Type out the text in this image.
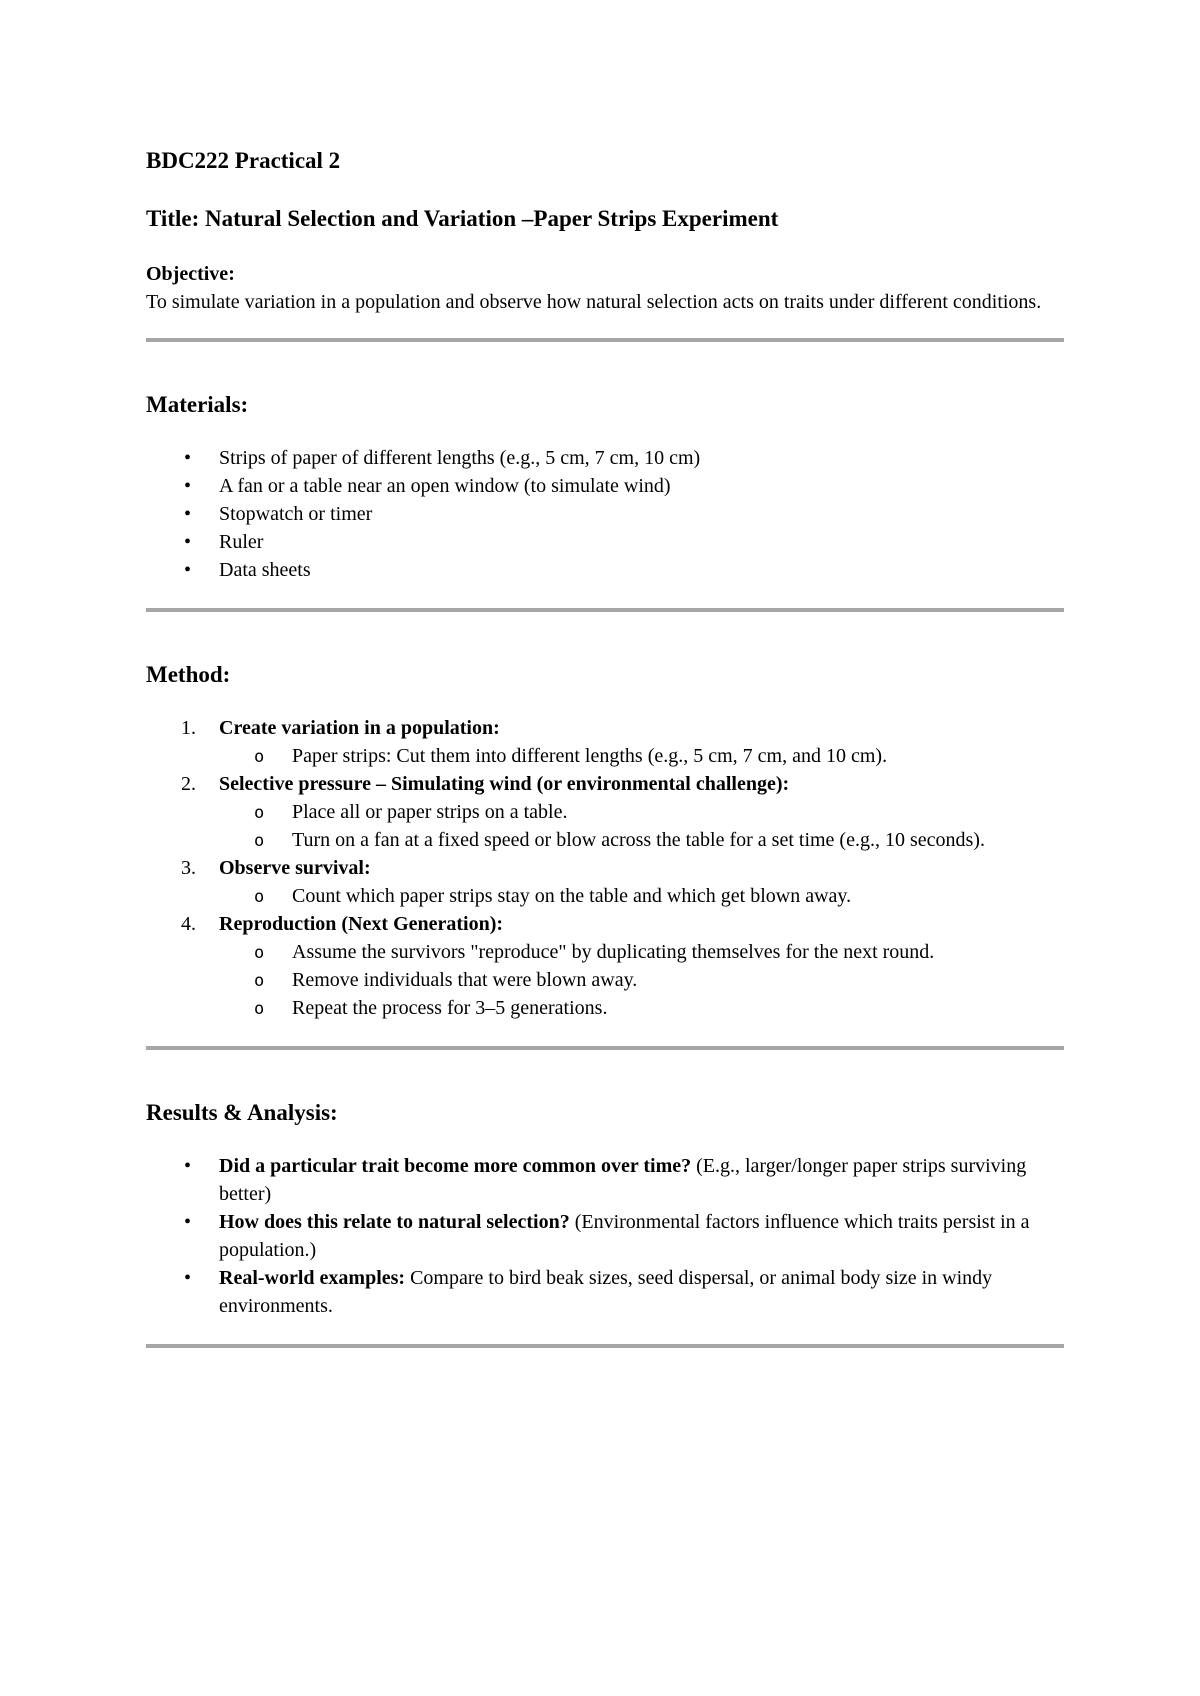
BDC222 Practical 2
Title: Natural Selection and Variation –Paper Strips Experiment
Objective:

To simulate variation in a population and observe how natural selection acts on traits under different conditions.

Materials:
• Strips of paper of different lengths (e.g., 5 cm, 7 cm, 10 cm)
• A fan or a table near an open window (to simulate wind)
• Stopwatch or timer
• Ruler
• Data sheets
Method:
1. Create variation in a population:
o Paper strips: Cut them into different lengths (e.g., 5 cm, 7 cm, and 10 cm).
2. Selective pressure – Simulating wind (or environmental challenge):
o Place all or paper strips on a table.
o Turn on a fan at a fixed speed or blow across the table for a set time (e.g., 10 seconds).
3. Observe survival:
o Count which paper strips stay on the table and which get blown away.
4. Reproduction (Next Generation):
o Assume the survivors "reproduce" by duplicating themselves for the next round.
o Remove individuals that were blown away.
o Repeat the process for 3–5 generations.
Results & Analysis:
• Did a particular trait become more common over time? (E.g., larger/longer paper strips surviving better)
• How does this relate to natural selection? (Environmental factors influence which traits persist in a population.)
• Real-world examples: Compare to bird beak sizes, seed dispersal, or animal body size in windy environments.
